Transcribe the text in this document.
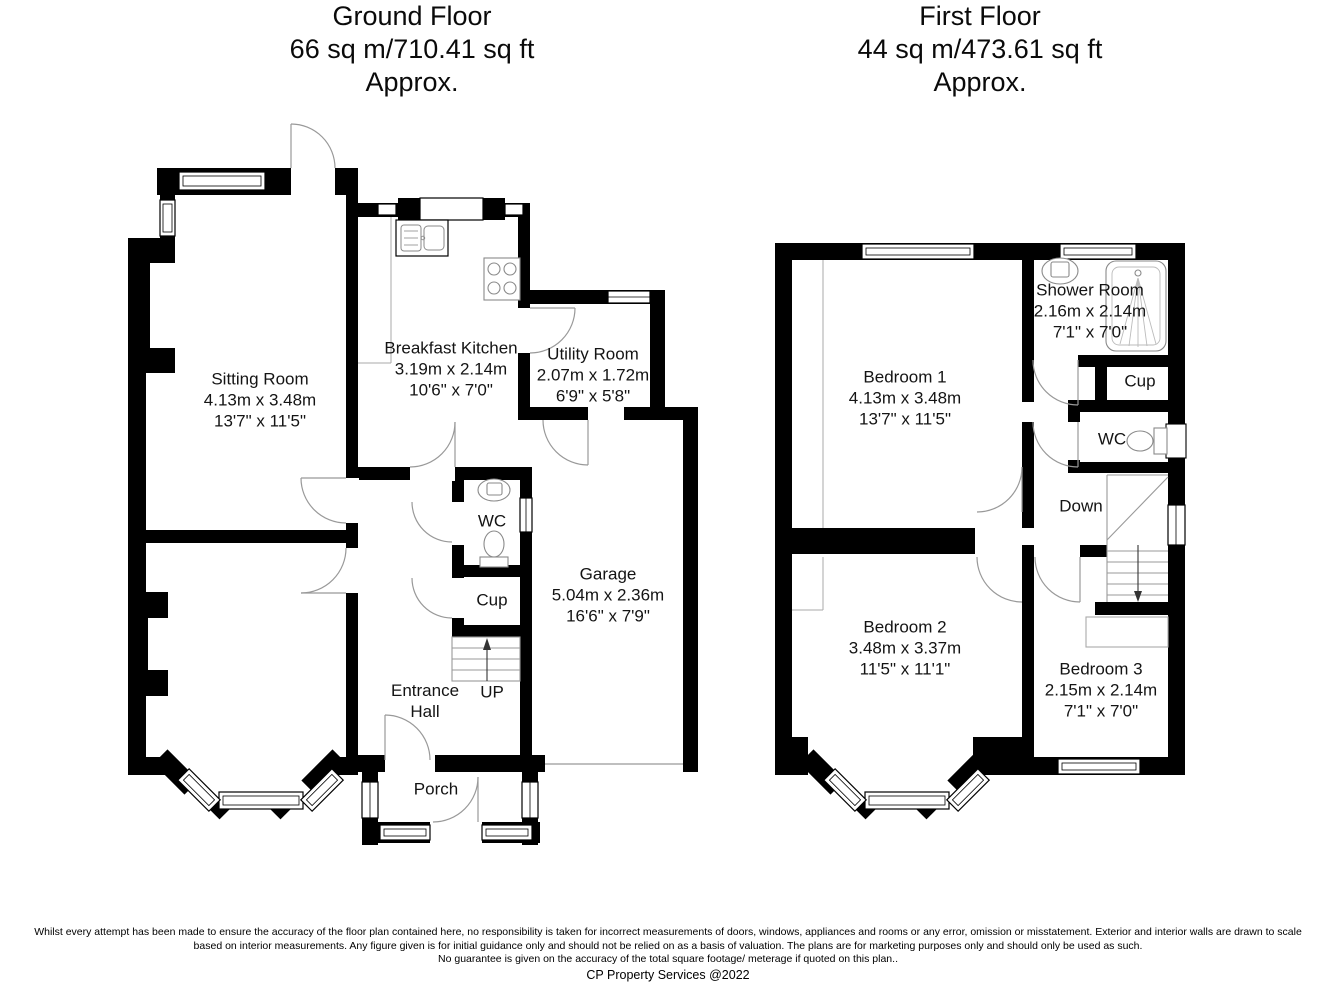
Ground Floor
66 sq m/710.41 sq ft
Approx.
First Floor
44 sq m/473.61 sq ft
Approx.
Sitting Room
4.13m x 3.48m
13'7" x 11'5"
Breakfast Kitchen
3.19m x 2.14m
10'6" x 7'0"
Utility Room
2.07m x 1.72m
6'9" x 5'8"
WC
Cup
Garage
5.04m x 2.36m
16'6" x 7'9"
Entrance
Hall
UP
Porch
Bedroom 1
4.13m x 3.48m
13'7" x 11'5"
Shower Room
2.16m x 2.14m
7'1" x 7'0"
Cup
WC
Down
Bedroom 2
3.48m x 3.37m
11'5" x 11'1"	Bedroom 3
2.15m x 2.14m
7'1" x 7'0"
Whilst every attempt has been made to ensure the accuracy of the floor plan contained here, no responsibility is taken for incorrect measurements of doors, windows, appliances and rooms or any error, omission or misstatement. Exterior and interior walls are drawn to scale
based on interior measurements. Any figure given is for initial guidance only and should not be relied on as a basis of valuation. The plans are for marketing purposes only and should only be used as such.
No guarantee is given on the accuracy of the total square footage/ meterage if quoted on this plan..
CP Property Services @2022
